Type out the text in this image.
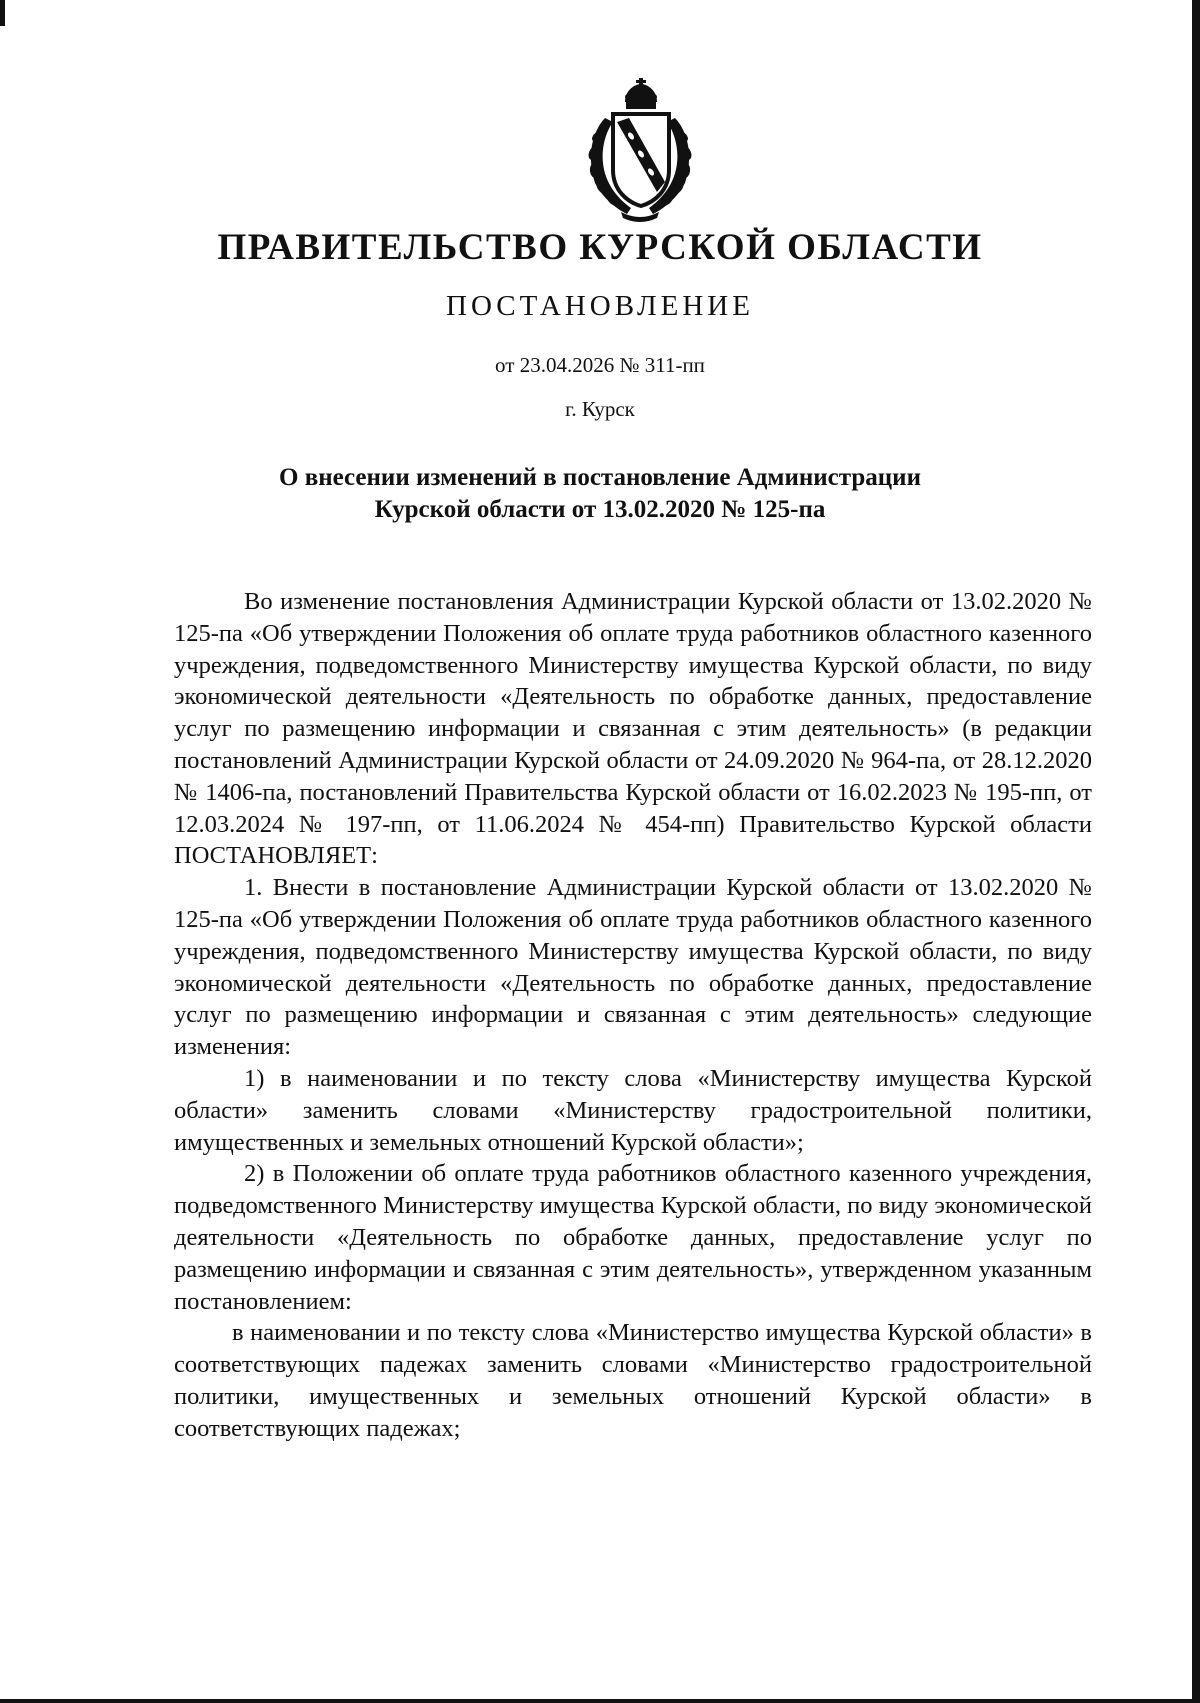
ПРАВИТЕЛЬСТВО КУРСКОЙ ОБЛАСТИ
ПОСТАНОВЛЕНИЕ
от 23.04.2026 № 311-пп
г. Курск
О внесении изменений в постановление Администрации
Курской области от 13.02.2020 № 125-па

Во изменение постановления Администрации Курской области от 13.02.2020 № 125-па «Об утверждении Положения об оплате труда работников областного казенного учреждения, подведомственного Министерству имущества Курской области, по виду экономической деятельности «Деятельность по обработке данных, предоставление услуг по размещению информации и связанная с этим деятельность» (в редакции постановлений Администрации Курской области от 24.09.2020 № 964-па, от 28.12.2020 № 1406-па, постановлений Правительства Курской области от 16.02.2023 № 195-пп, от 12.03.2024 № 197-пп, от 11.06.2024 № 454-пп) Правительство Курской области ПОСТАНОВЛЯЕТ:

1. Внести в постановление Администрации Курской области от 13.02.2020 № 125-па «Об утверждении Положения об оплате труда работников областного казенного учреждения, подведомственного Министерству имущества Курской области, по виду экономической деятельности «Деятельность по обработке данных, предоставление услуг по размещению информации и связанная с этим деятельность» следующие изменения:

1) в наименовании и по тексту слова «Министерству имущества Курской области» заменить словами «Министерству градостроительной политики, имущественных и земельных отношений Курской области»;

2) в Положении об оплате труда работников областного казенного учреждения, подведомственного Министерству имущества Курской области, по виду экономической деятельности «Деятельность по обработке данных, предоставление услуг по размещению информации и связанная с этим деятельность», утвержденном указанным постановлением:

в наименовании и по тексту слова «Министерство имущества Курской области» в соответствующих падежах заменить словами «Министерство градостроительной политики, имущественных и земельных отношений Курской области» в соответствующих падежах;
